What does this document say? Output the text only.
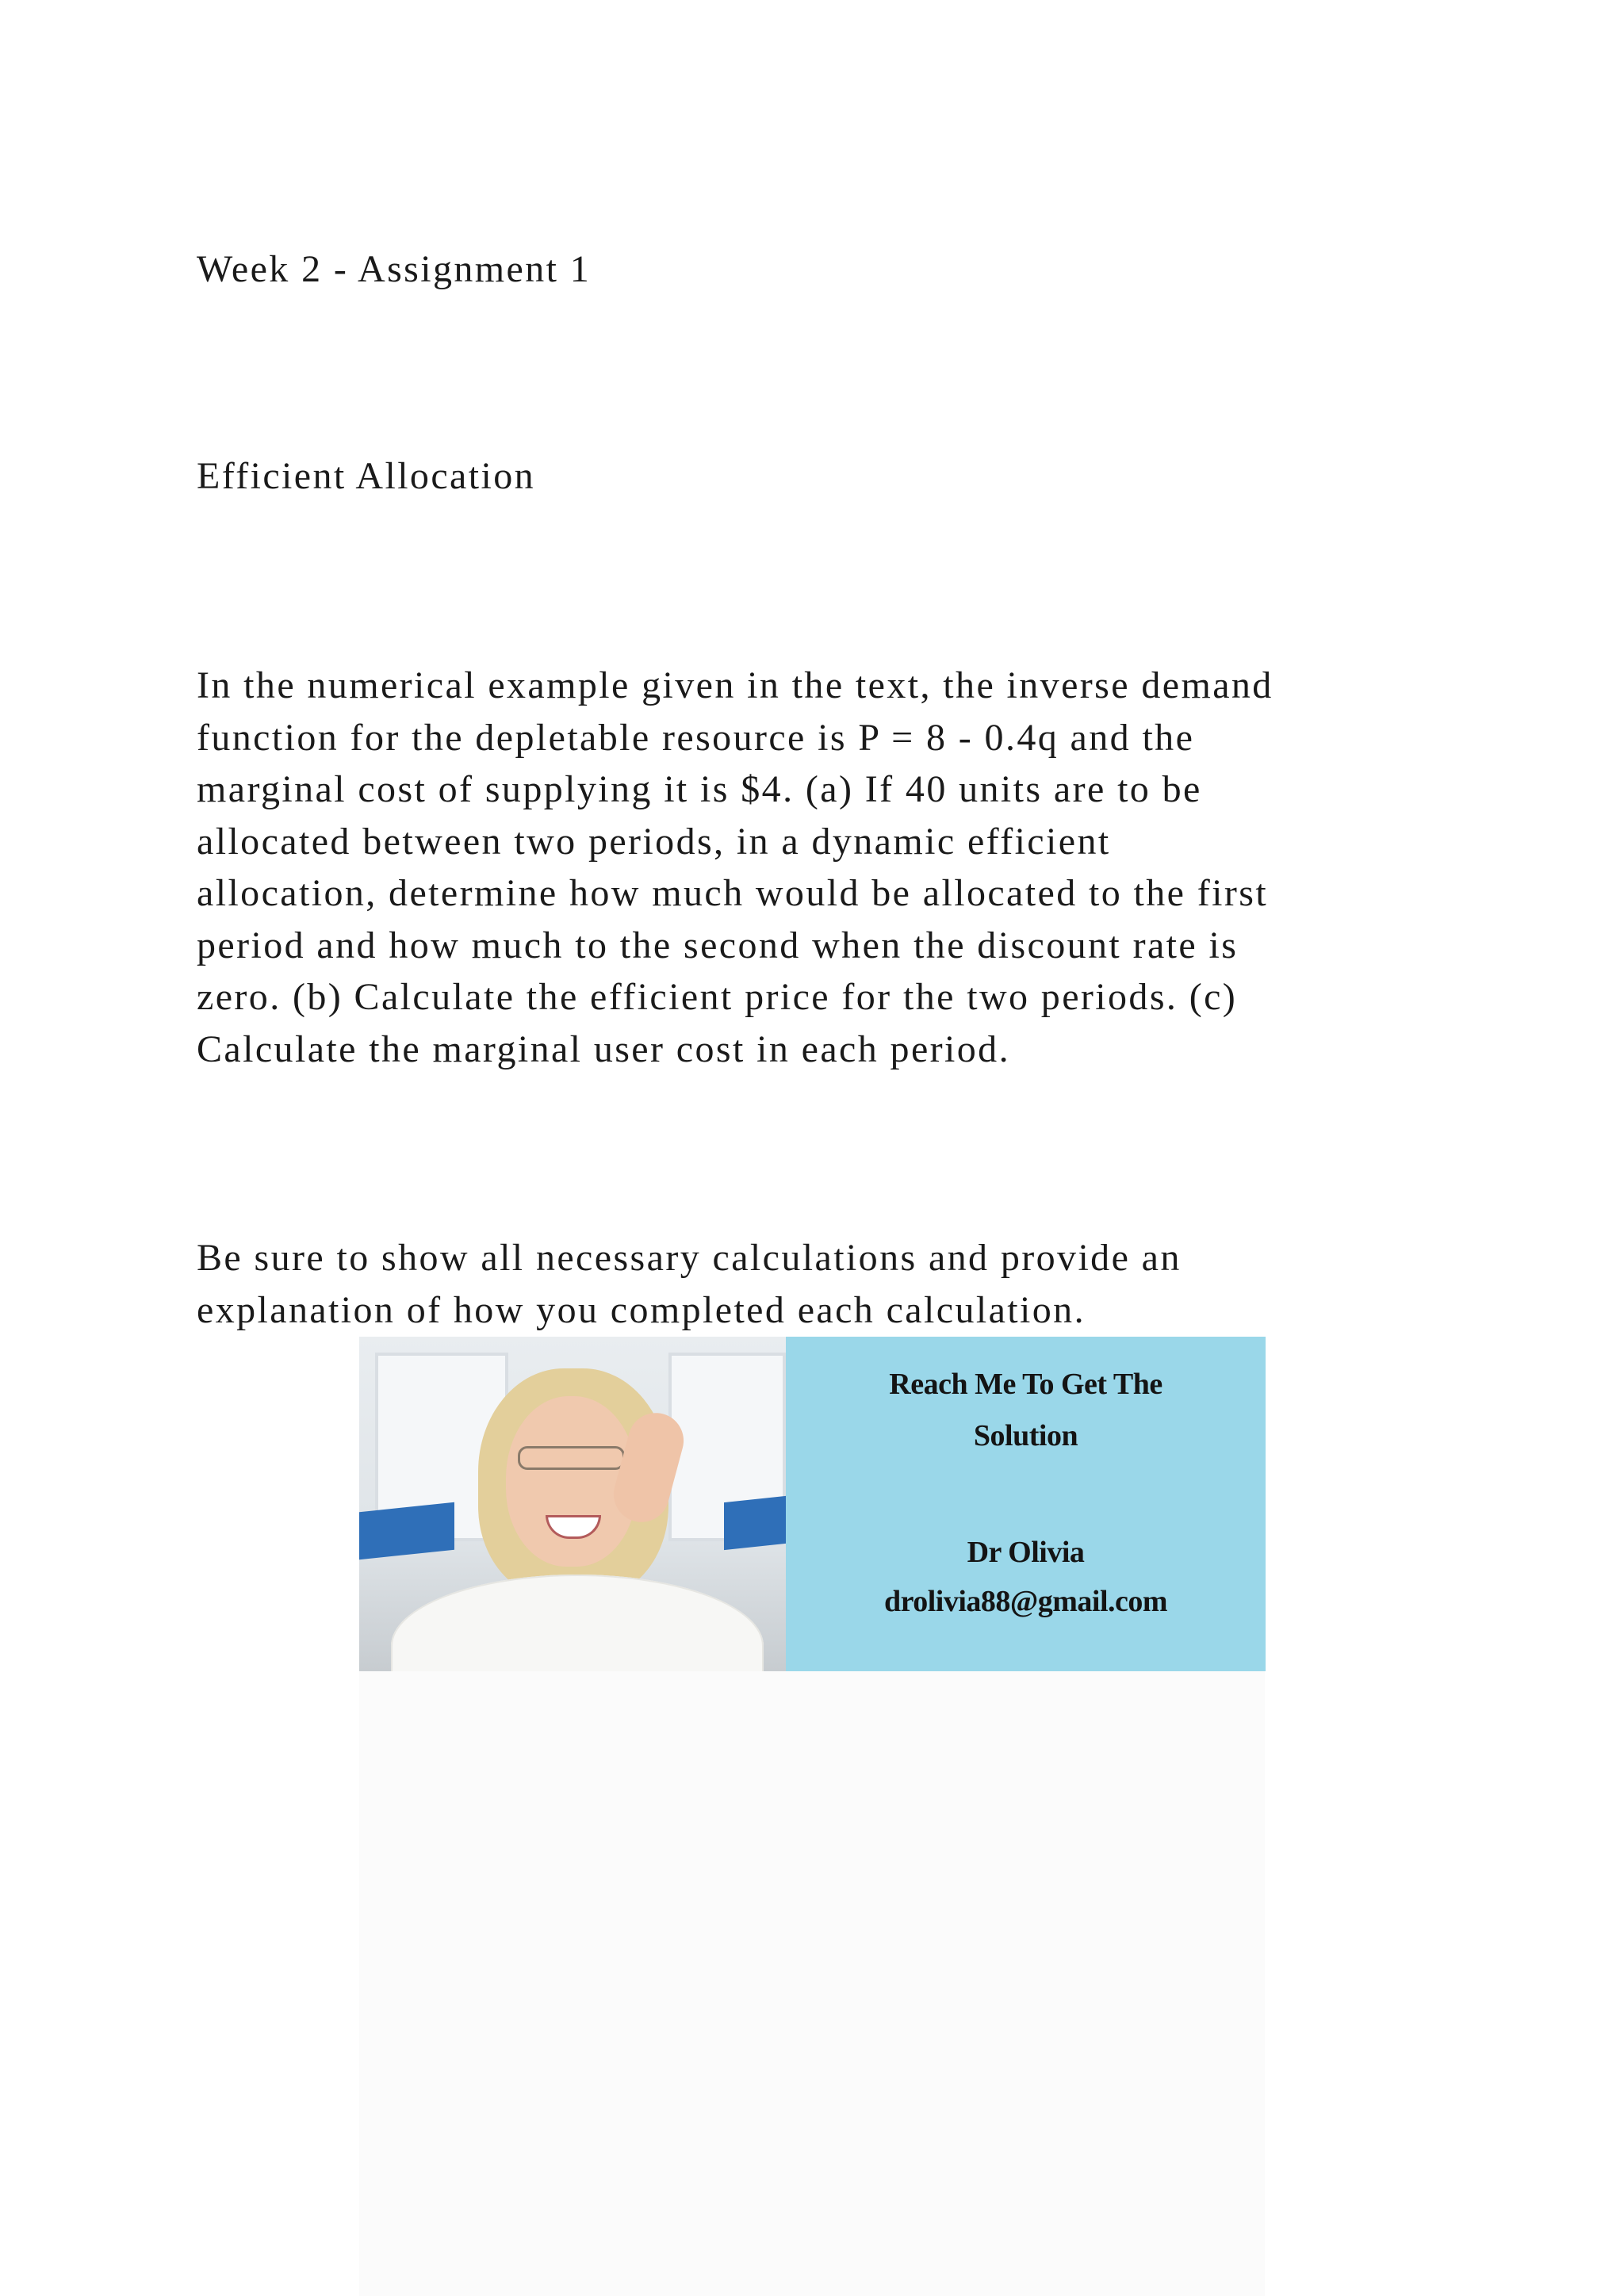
Week 2 - Assignment 1

Efficient Allocation

In the numerical example given in the text, the inverse demand
function for the depletable resource is P = 8 - 0.4q and the
marginal cost of supplying it is $4. (a) If 40 units are to be
allocated between two periods, in a dynamic efficient
allocation, determine how much would be allocated to the first
period and how much to the second when the discount rate is
zero. (b) Calculate the efficient price for the two periods. (c)
Calculate the marginal user cost in each period.

Be sure to show all necessary calculations and provide an
explanation of how you completed each calculation.

Reach Me To Get The
Solution
Dr Olivia
drolivia88@gmail.com
